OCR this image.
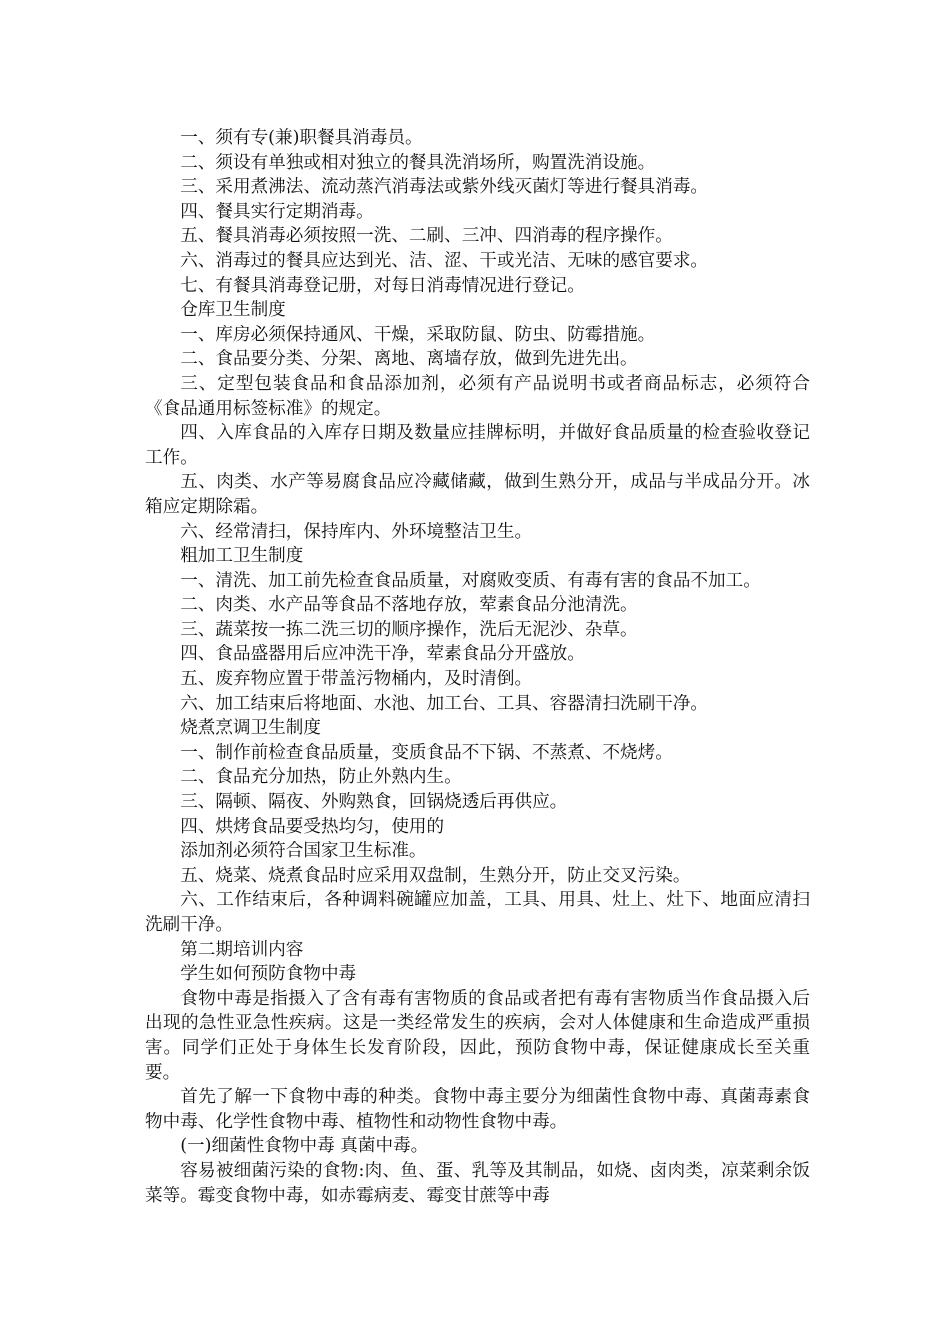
一、须有专(兼)职餐具消毒员。

二、须设有单独或相对独立的餐具洗消场所，购置洗消设施。

三、采用煮沸法、流动蒸汽消毒法或紫外线灭菌灯等进行餐具消毒。

四、餐具实行定期消毒。

五、餐具消毒必须按照一洗、二刷、三冲、四消毒的程序操作。

六、消毒过的餐具应达到光、洁、涩、干或光洁、无味的感官要求。

七、有餐具消毒登记册，对每日消毒情况进行登记。

仓库卫生制度

一、库房必须保持通风、干燥，采取防鼠、防虫、防霉措施。

二、食品要分类、分架、离地、离墙存放，做到先进先出。

三、定型包装食品和食品添加剂，必须有产品说明书或者商品标志，必须符合《食品通用标签标准》的规定。

四、入库食品的入库存日期及数量应挂牌标明，并做好食品质量的检查验收登记工作。

五、肉类、水产等易腐食品应冷藏储藏，做到生熟分开，成品与半成品分开。冰箱应定期除霜。

六、经常清扫，保持库内、外环境整洁卫生。

粗加工卫生制度

一、清洗、加工前先检查食品质量，对腐败变质、有毒有害的食品不加工。

二、肉类、水产品等食品不落地存放，荤素食品分池清洗。

三、蔬菜按一拣二洗三切的顺序操作，洗后无泥沙、杂草。

四、食品盛器用后应冲洗干净，荤素食品分开盛放。

五、废弃物应置于带盖污物桶内，及时清倒。

六、加工结束后将地面、水池、加工台、工具、容器清扫洗刷干净。

烧煮烹调卫生制度

一、制作前检查食品质量，变质食品不下锅、不蒸煮、不烧烤。

二、食品充分加热，防止外熟内生。

三、隔顿、隔夜、外购熟食，回锅烧透后再供应。

四、烘烤食品要受热均匀，使用的

添加剂必须符合国家卫生标准。

五、烧菜、烧煮食品时应采用双盘制，生熟分开，防止交叉污染。

六、工作结束后，各种调料碗罐应加盖，工具、用具、灶上、灶下、地面应清扫洗刷干净。

第二期培训内容

学生如何预防食物中毒

食物中毒是指摄入了含有毒有害物质的食品或者把有毒有害物质当作食品摄入后出现的急性亚急性疾病。这是一类经常发生的疾病，会对人体健康和生命造成严重损害。同学们正处于身体生长发育阶段，因此，预防食物中毒，保证健康成长至关重要。

首先了解一下食物中毒的种类。食物中毒主要分为细菌性食物中毒、真菌毒素食物中毒、化学性食物中毒、植物性和动物性食物中毒。

(一)细菌性食物中毒 真菌中毒。

容易被细菌污染的食物:肉、鱼、蛋、乳等及其制品，如烧、卤肉类，凉菜剩余饭菜等。霉变食物中毒，如赤霉病麦、霉变甘蔗等中毒
